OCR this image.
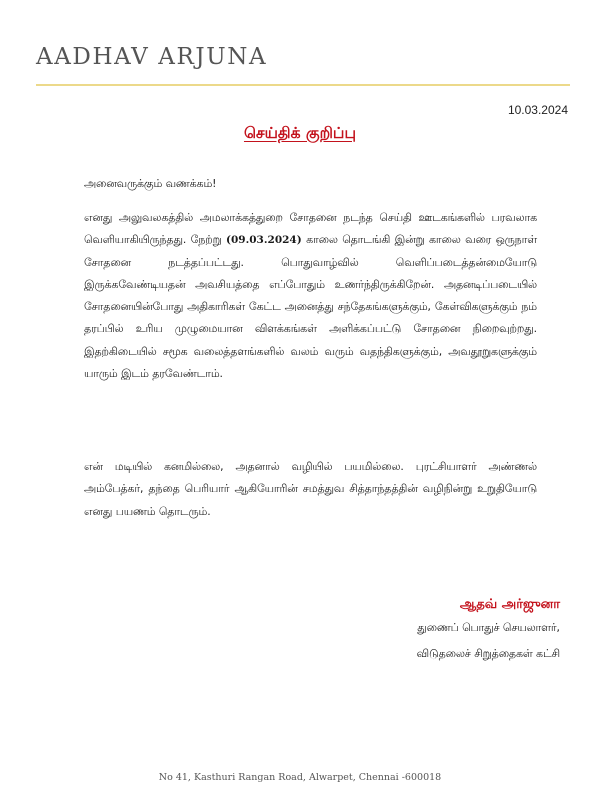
AADHAV ARJUNA
10.03.2024
செய்திக் குறிப்பு
அனைவருக்கும் வணக்கம்!
எனது அலுவலகத்தில் அமலாக்கத்துறை சோதனை நடந்த செய்தி ஊடகங்களில் பரவலாக வெளியாகியிருந்தது. நேற்று (09.03.2024) காலை தொடங்கி இன்று காலை வரை ஒருநாள் சோதனை நடத்தப்பட்டது. பொதுவாழ்வில் வெளிப்படைத்தன்மையோடு இருக்கவேண்டியதன் அவசியத்தை எப்போதும் உணர்ந்திருக்கிறேன். அதனடிப்படையில் சோதனையின்போது அதிகாரிகள் கேட்ட அனைத்து சந்தேகங்களுக்கும், கேள்விகளுக்கும் நம் தரப்பில் உரிய முழுமையான விளக்கங்கள் அளிக்கப்பட்டு சோதனை நிறைவுற்றது. இதற்கிடையில் சமூக வலைத்தளங்களில் வலம் வரும் வதந்திகளுக்கும், அவதூறுகளுக்கும் யாரும் இடம் தரவேண்டாம்.
என் மடியில் கனமில்லை, அதனால் வழியில் பயமில்லை. புரட்சியாளர் அண்ணல் அம்பேத்கர், தந்தை பெரியார் ஆகியோரின் சமத்துவ சித்தாந்தத்தின் வழிநின்று உறுதியோடு எனது பயணம் தொடரும்.
ஆதவ் அர்ஜுனா
துணைப் பொதுச் செயலாளர்,
விடுதலைச் சிறுத்தைகள் கட்சி
No 41, Kasthuri Rangan Road, Alwarpet, Chennai -600018
